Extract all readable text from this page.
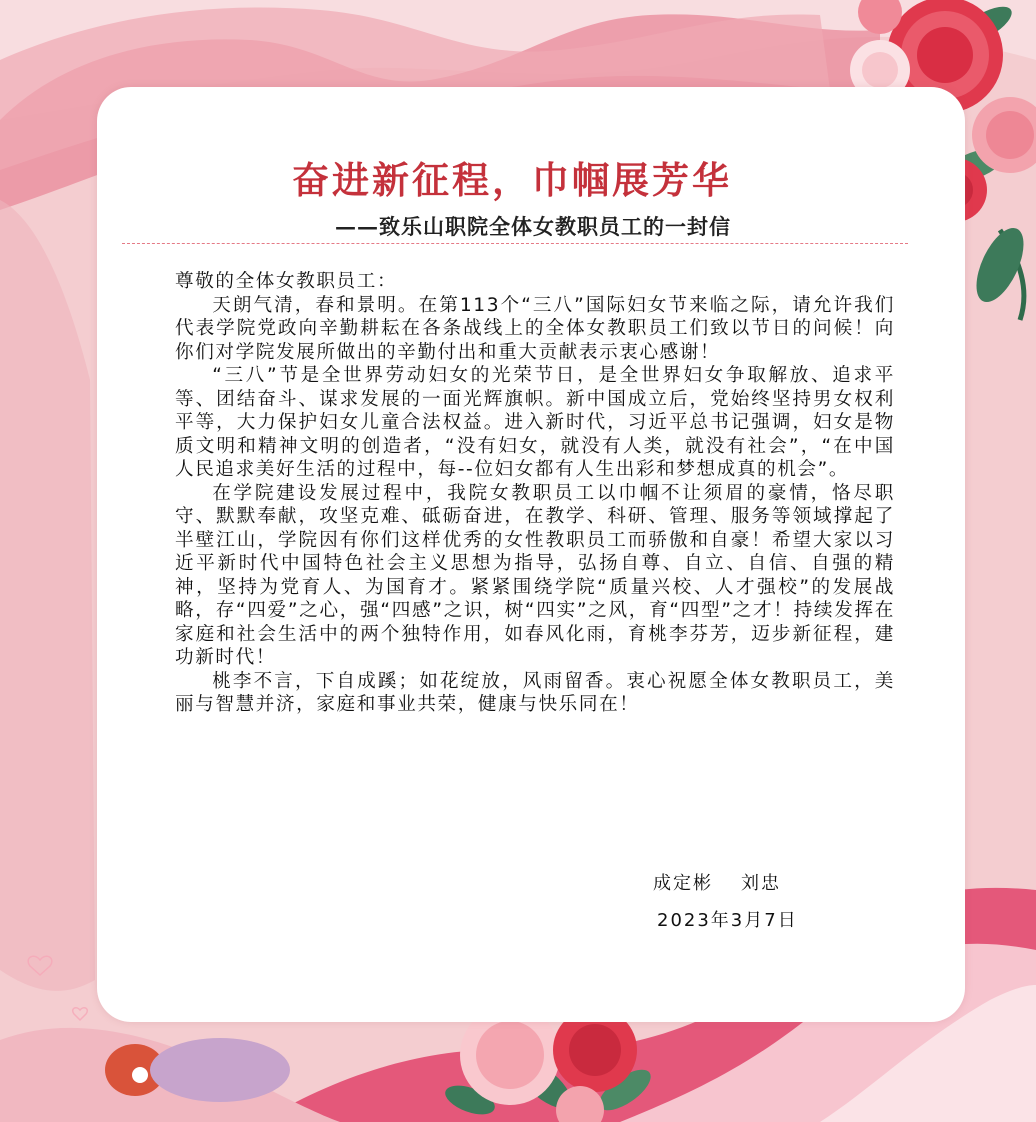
奋进新征程，巾帼展芳华
——致乐山职院全体女教职员工的一封信

尊敬的全体女教职员工：

天朗气清，春和景明。在第113个“三八”国际妇女节来临之际，请允许我们代表学院党政向辛勤耕耘在各条战线上的全体女教职员工们致以节日的问候！向你们对学院发展所做出的辛勤付出和重大贡献表示衷心感谢！

“三八”节是全世界劳动妇女的光荣节日，是全世界妇女争取解放、追求平等、团结奋斗、谋求发展的一面光辉旗帜。新中国成立后，党始终坚持男女权利平等，大力保护妇女儿童合法权益。进入新时代，习近平总书记强调，妇女是物质文明和精神文明的创造者，“没有妇女，就没有人类，就没有社会”，“在中国人民追求美好生活的过程中，每--位妇女都有人生出彩和梦想成真的机会”。

在学院建设发展过程中，我院女教职员工以巾帼不让须眉的豪情，恪尽职守、默默奉献，攻坚克难、砥砺奋进，在教学、科研、管理、服务等领域撑起了半壁江山，学院因有你们这样优秀的女性教职员工而骄傲和自豪！希望大家以习近平新时代中国特色社会主义思想为指导，弘扬自尊、自立、自信、自强的精神，坚持为党育人、为国育才。紧紧围绕学院“质量兴校、人才强校”的发展战略，存“四爱”之心，强“四感”之识，树“四实”之风，育“四型”之才！持续发挥在家庭和社会生活中的两个独特作用，如春风化雨，育桃李芬芳，迈步新征程，建功新时代！

桃李不言，下自成蹊；如花绽放，风雨留香。衷心祝愿全体女教职员工，美丽与智慧并济，家庭和事业共荣，健康与快乐同在！

成定彬 刘忠
2023年3月7日
